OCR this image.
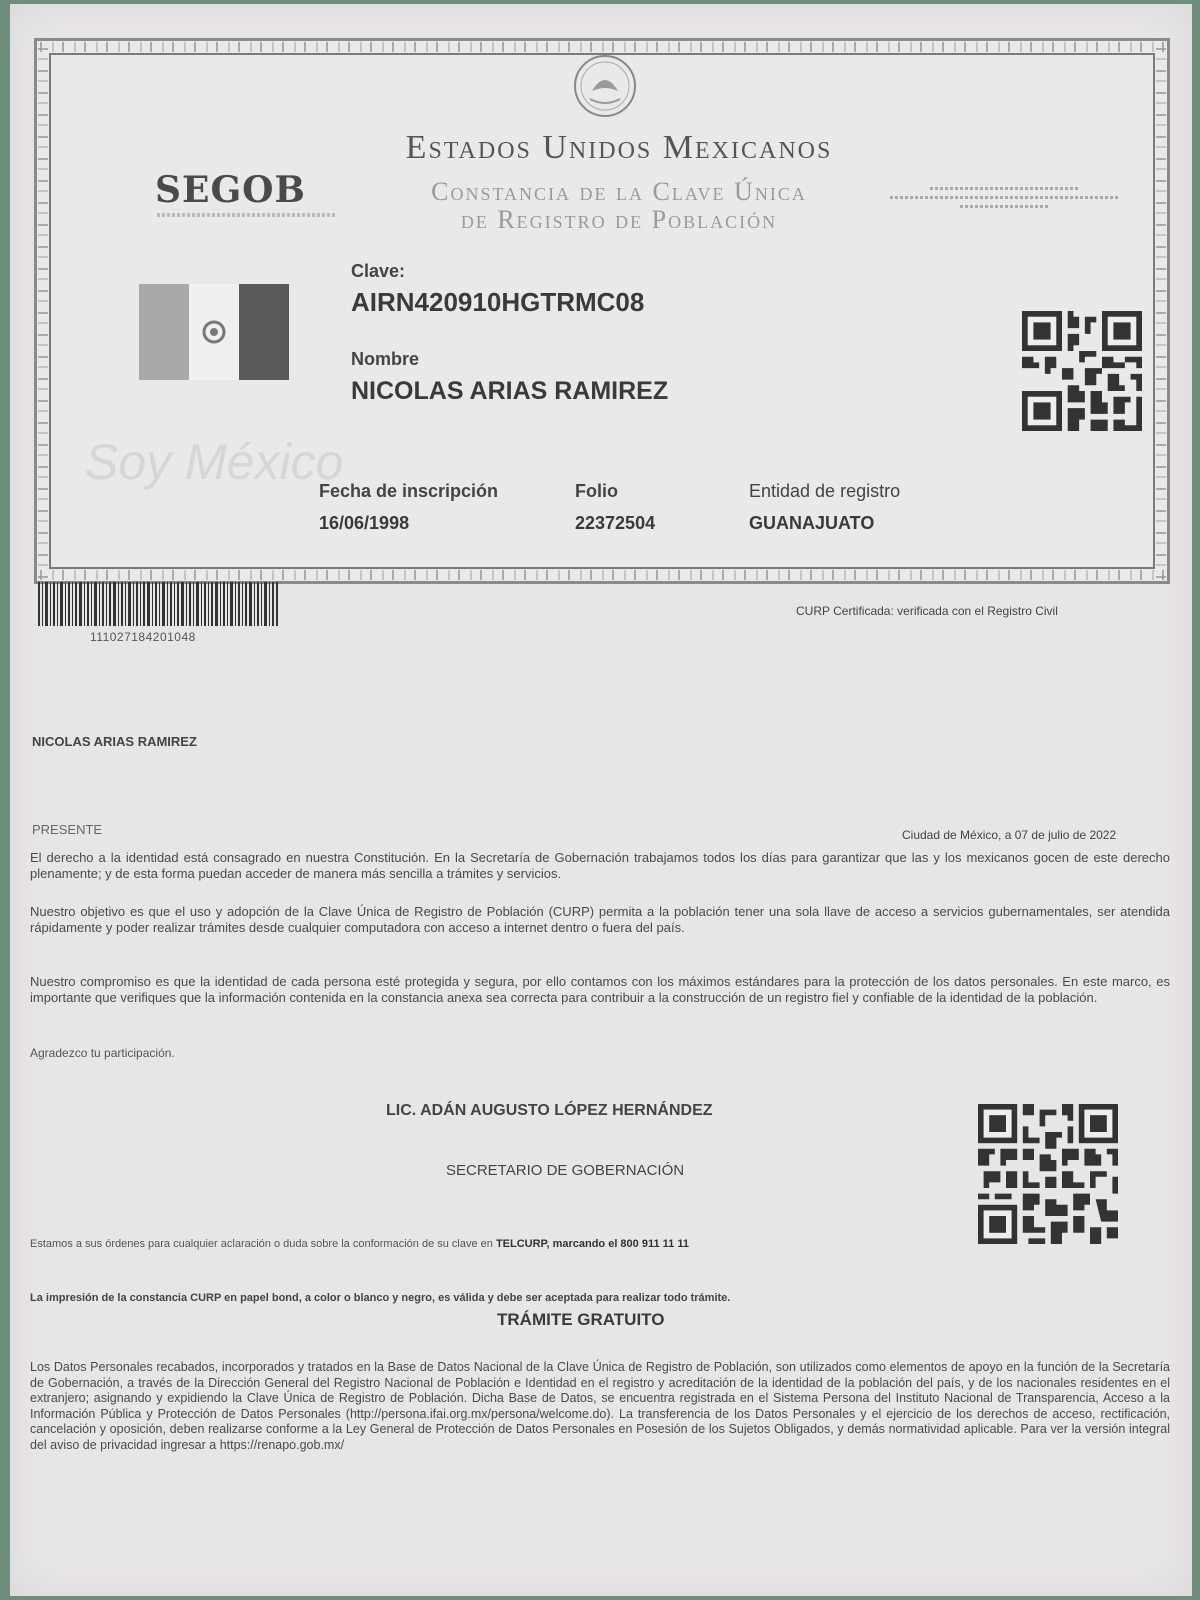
SEGOB
Estados Unidos Mexicanos
Constancia de la Clave Única
de Registro de Población
Soy México
Clave:
AIRN420910HGTRMC08
Nombre
NICOLAS ARIAS RAMIREZ
Fecha de inscripción
16/06/1998
Folio
22372504
Entidad de registro
GUANAJUATO
111027184201048
CURP Certificada: verificada con el Registro Civil
NICOLAS ARIAS RAMIREZ
PRESENTE	Ciudad de México, a 07 de julio de 2022
El derecho a la identidad está consagrado en nuestra Constitución. En la Secretaría de Gobernación trabajamos todos los días para garantizar que las y los mexicanos gocen de este derecho plenamente; y de esta forma puedan acceder de manera más sencilla a trámites y servicios.
Nuestro objetivo es que el uso y adopción de la Clave Única de Registro de Población (CURP) permita a la población tener una sola llave de acceso a servicios gubernamentales, ser atendida rápidamente y poder realizar trámites desde cualquier computadora con acceso a internet dentro o fuera del país.
Nuestro compromiso es que la identidad de cada persona esté protegida y segura, por ello contamos con los máximos estándares para la protección de los datos personales. En este marco, es importante que verifiques que la información contenida en la constancia anexa sea correcta para contribuir a la construcción de un registro fiel y confiable de la identidad de la población.
Agradezco tu participación.
LIC. ADÁN AUGUSTO LÓPEZ HERNÁNDEZ
SECRETARIO DE GOBERNACIÓN
Estamos a sus órdenes para cualquier aclaración o duda sobre la conformación de su clave en TELCURP, marcando el 800 911 11 11
La impresión de la constancia CURP en papel bond, a color o blanco y negro, es válida y debe ser aceptada para realizar todo trámite.
TRÁMITE GRATUITO
Los Datos Personales recabados, incorporados y tratados en la Base de Datos Nacional de la Clave Única de Registro de Población, son utilizados como elementos de apoyo en la función de la Secretaría de Gobernación, a través de la Dirección General del Registro Nacional de Población e Identidad en el registro y acreditación de la identidad de la población del país, y de los nacionales residentes en el extranjero; asignando y expidiendo la Clave Única de Registro de Población. Dicha Base de Datos, se encuentra registrada en el Sistema Persona del Instituto Nacional de Transparencia, Acceso a la Información Pública y Protección de Datos Personales (http://persona.ifai.org.mx/persona/welcome.do). La transferencia de los Datos Personales y el ejercicio de los derechos de acceso, rectificación, cancelación y oposición, deben realizarse conforme a la Ley General de Protección de Datos Personales en Posesión de los Sujetos Obligados, y demás normatividad aplicable. Para ver la versión integral del aviso de privacidad ingresar a https://renapo.gob.mx/
